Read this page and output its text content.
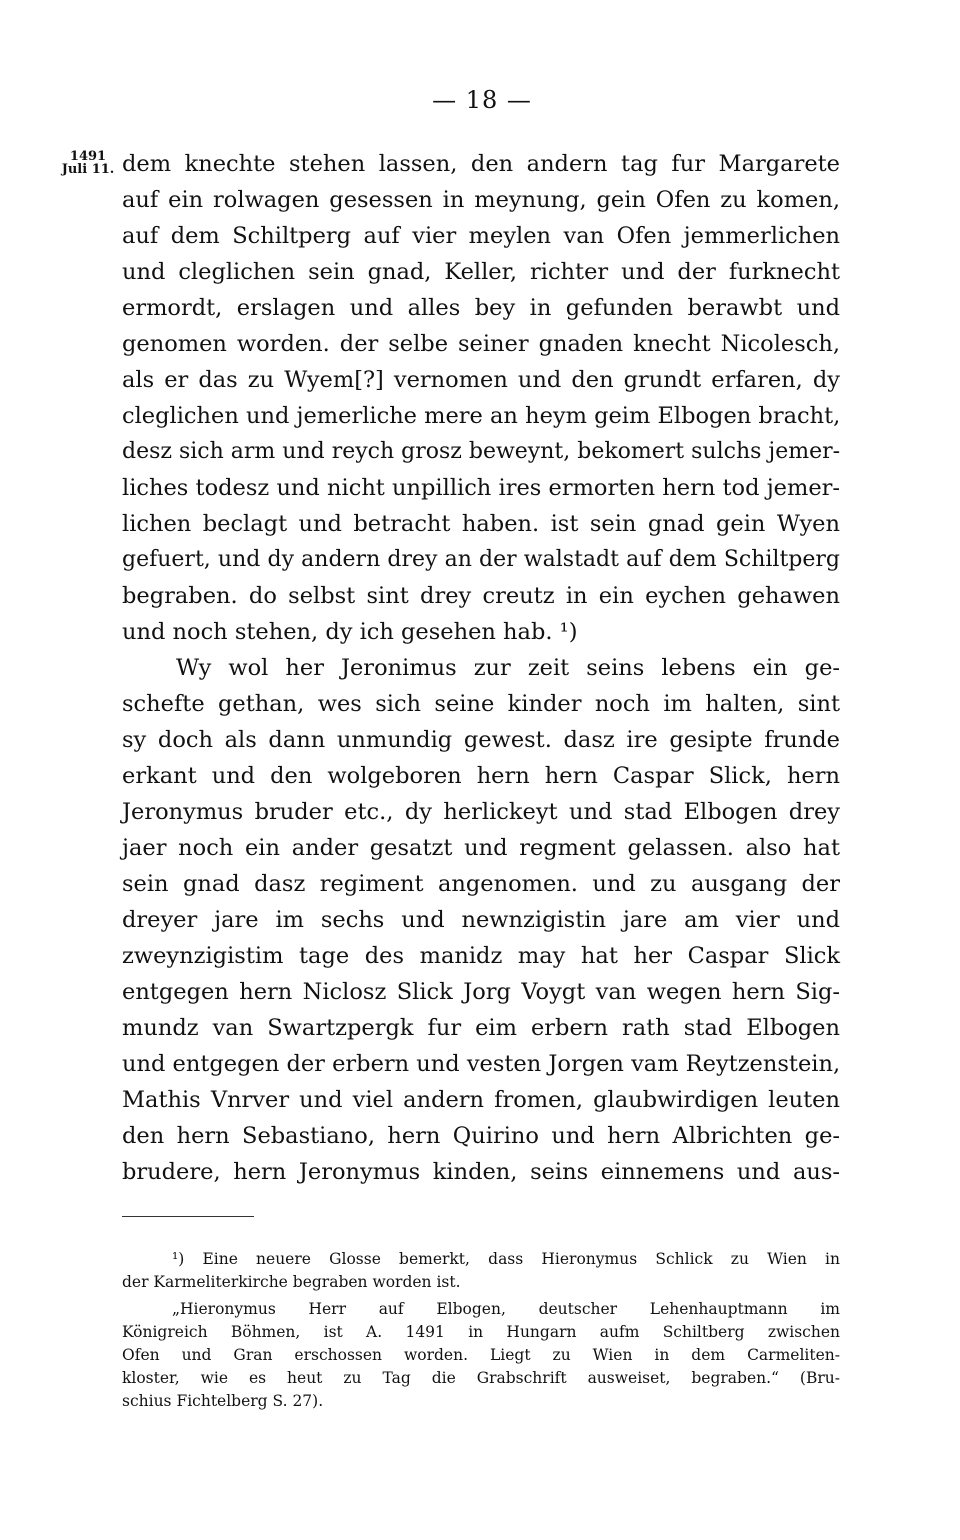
— 18 —
1491
Juli 11. dem knechte stehen lassen, den andern tag fur Margarete
auf ein rolwagen gesessen in meynung, gein Ofen zu komen,
auf dem Schiltperg auf vier meylen van Ofen jemmerlichen
und cleglichen sein gnad, Keller, richter und der furknecht
ermordt, erslagen und alles bey in gefunden berawbt und
genomen worden. der selbe seiner gnaden knecht Nicolesch,
als er das zu Wyem[?] vernomen und den grundt erfaren, dy
cleglichen und jemerliche mere an heym geim Elbogen bracht,
desz sich arm und reych grosz beweynt, bekomert sulchs jemer-
liches todesz und nicht unpillich ires ermorten hern tod jemer-
lichen beclagt und betracht haben. ist sein gnad gein Wyen
gefuert, und dy andern drey an der walstadt auf dem Schiltperg
begraben. do selbst sint drey creutz in ein eychen gehawen
und noch stehen, dy ich gesehen hab. ¹)
Wy wol her Jeronimus zur zeit seins lebens ein ge-
schefte gethan, wes sich seine kinder noch im halten, sint
sy doch als dann unmundig gewest. dasz ire gesipte frunde
erkant und den wolgeboren hern hern Caspar Slick, hern
Jeronymus bruder etc., dy herlickeyt und stad Elbogen drey
jaer noch ein ander gesatzt und regment gelassen. also hat
sein gnad dasz regiment angenomen. und zu ausgang der
dreyer jare im sechs und newnzigistin jare am vier und
zweynzigistim tage des manidz may hat her Caspar Slick
entgegen hern Niclosz Slick Jorg Voygt van wegen hern Sig-
mundz van Swartzpergk fur eim erbern rath stad Elbogen
und entgegen der erbern und vesten Jorgen vam Reytzenstein,
Mathis Vnrver und viel andern fromen, glaubwirdigen leuten
den hern Sebastiano, hern Quirino und hern Albrichten ge-
brudere, hern Jeronymus kinden, seins einnemens und aus-
¹) Eine neuere Glosse bemerkt, dass Hieronymus Schlick zu Wien in
der Karmeliterkirche begraben worden ist.
„Hieronymus Herr auf Elbogen, deutscher Lehenhauptmann im
Königreich Böhmen, ist A. 1491 in Hungarn aufm Schiltberg zwischen
Ofen und Gran erschossen worden. Liegt zu Wien in dem Carmeliten-
kloster, wie es heut zu Tag die Grabschrift ausweiset, begraben.“ (Bru-
schius Fichtelberg S. 27).
